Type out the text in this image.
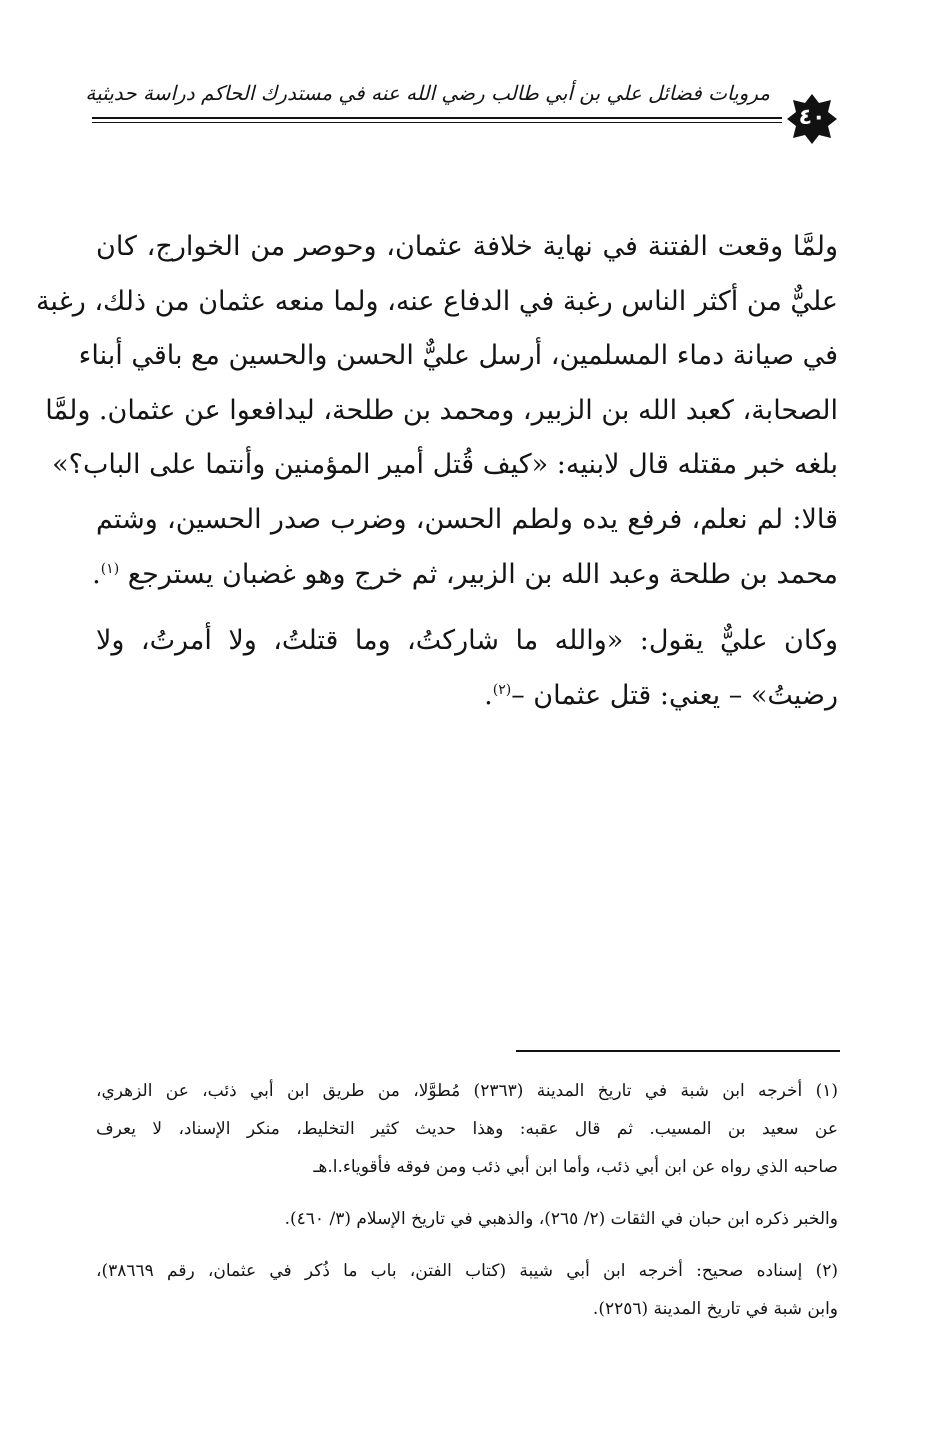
مرويات فضائل علي بن أبي طالب رضي الله عنه في مستدرك الحاكم دراسة حديثية
٤٠

ولمَّا وقعت الفتنة في نهاية خلافة عثمان، وحوصر من الخوارج، كان
عليٌّ من أكثر الناس رغبة في الدفاع عنه، ولما منعه عثمان من ذلك، رغبة
في صيانة دماء المسلمين، أرسل عليٌّ الحسن والحسين مع باقي أبناء
الصحابة، كعبد الله بن الزبير، ومحمد بن طلحة، ليدافعوا عن عثمان. ولمَّا
بلغه خبر مقتله قال لابنيه: «كيف قُتل أمير المؤمنين وأنتما على الباب؟»
قالا: لم نعلم، فرفع يده ولطم الحسن، وضرب صدر الحسين، وشتم
محمد بن طلحة وعبد الله بن الزبير، ثم خرج وهو غضبان يسترجع $^{(١)}$.

وكان عليٌّ يقول: «والله ما شاركتُ، وما قتلتُ، ولا أمرتُ، ولا
رضيتُ» – يعني: قتل عثمان –$^{(٢)}$.

(١) أخرجه ابن شبة في تاريخ المدينة (٢٣٦٣) مُطوَّلا، من طريق ابن أبي ذئب، عن الزهري،
عن سعيد بن المسيب. ثم قال عقبه: وهذا حديث كثير التخليط، منكر الإسناد، لا يعرف
صاحبه الذي رواه عن ابن أبي ذئب، وأما ابن أبي ذئب ومن فوقه فأقوياء.ا.هـ

والخبر ذكره ابن حبان في الثقات (٢/ ٢٦٥)، والذهبي في تاريخ الإسلام (٣/ ٤٦٠).

(٢) إسناده صحيح: أخرجه ابن أبي شيبة (كتاب الفتن، باب ما ذُكر في عثمان، رقم ٣٨٦٦٩)،
وابن شبة في تاريخ المدينة (٢٢٥٦).
